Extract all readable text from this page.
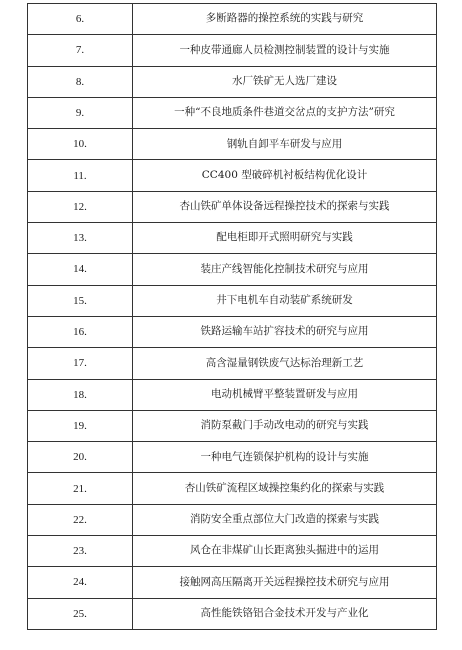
6.	多断路器的操控系统的实践与研究
7.	一种皮带通廊人员检测控制装置的设计与实施
8.	水厂铁矿无人选厂建设
9.	一种“不良地质条件巷道交岔点的支护方法”研究
10.	钢轨自卸平车研发与应用
11.	CC400 型破碎机衬板结构优化设计
12.	杏山铁矿单体设备远程操控技术的探索与实践
13.	配电柜即开式照明研究与实践
14.	装庄产线智能化控制技术研究与应用
15.	井下电机车自动装矿系统研发
16.	铁路运输车站扩容技术的研究与应用
17.	高含湿量钢铁废气达标治理新工艺
18.	电动机械臂平整装置研发与应用
19.	消防泵截门手动改电动的研究与实践
20.	一种电气连锁保护机构的设计与实施
21.	杏山铁矿流程区域操控集约化的探索与实践
22.	消防安全重点部位大门改造的探索与实践
23.	风仓在非煤矿山长距离独头掘进中的运用
24.	接触网高压隔离开关远程操控技术研究与应用
25.	高性能铁铬铝合金技术开发与产业化
